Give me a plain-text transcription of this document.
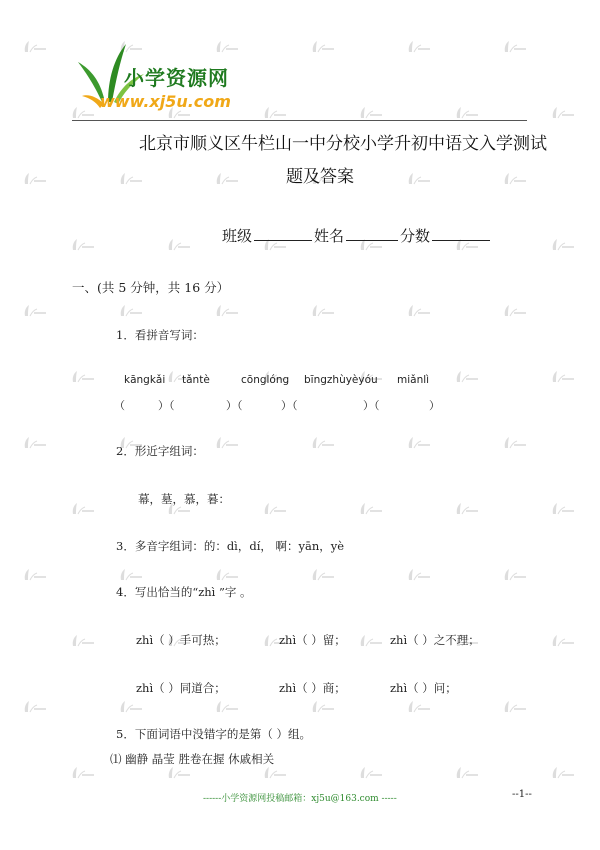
小学资源网
www.xj5u.com
北京市顺义区牛栏山一中分校小学升初中语文入学测试
题及答案
班级	姓名	分数
一、(共 5 分钟，共 16 分）
1．看拼音写词：
kāngkǎi tǎntè	cōnglóng bīngzhùyèyóu miǎnlì
（	）（	）（	）（	）（	）
2．形近字组词：
幕，墓，慕，暮：
3．多音字组词：的：dì，dí， 啊：yān，yè
4．写出恰当的“zhì ”字 。
zhì（ ）手可热；	zhì（ ）留；	zhì（ ）之不理；
zhì（ ）同道合；	zhì（ ）商；	zhì（ ）问；
5．下面词语中没错字的是第（ ）组。
⑴ 幽静 晶莹 胜卷在握 休戚相关
------小学资源网投稿邮箱：xj5u@163.com -----	--1--
